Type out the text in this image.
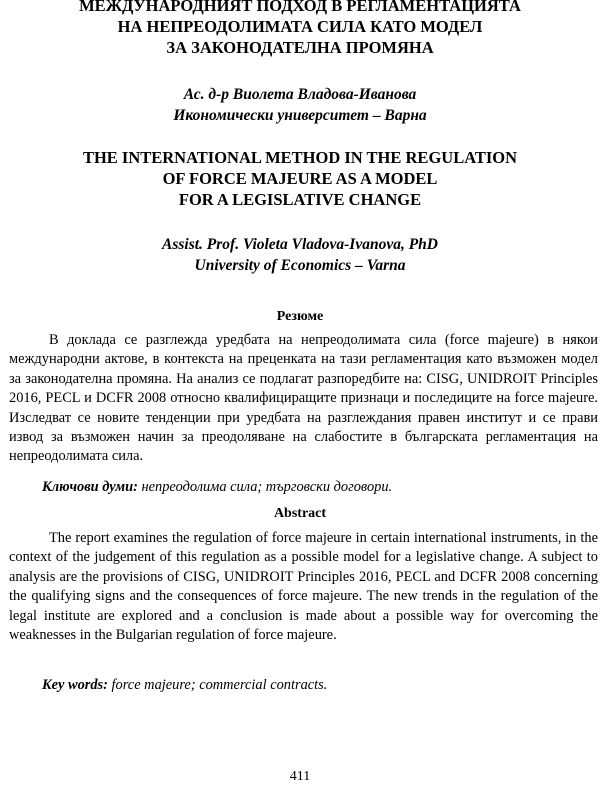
МЕЖДУНАРОДНИЯТ ПОДХОД В РЕГЛАМЕНТАЦИЯТА
НА НЕПРЕОДОЛИМАТА СИЛА КАТО МОДЕЛ
ЗА ЗАКОНОДАТЕЛНА ПРОМЯНА
Ас. д-р Виолета Владова-Иванова
Икономически университет – Варна
THE INTERNATIONAL METHOD IN THE REGULATION
OF FORCE MAJEURE AS A MODEL
FOR A LEGISLATIVE CHANGE
Assist. Prof. Violeta Vladova-Ivanova, PhD
University of Economics – Varna
Резюме

В доклада се разглежда уредбата на непреодолимата сила (force majeure) в някои международни актове, в контекста на преценката на тази регламентация като възможен модел за законодателна промяна. На анализ се подлагат разпоредбите на: CISG, UNIDROIT Principles 2016, PECL и DCFR 2008 относно квалифициращите признаци и последиците на force majeure. Изследват се новите тенденции при уредбата на разглеждания правен институт и се прави извод за възможен начин за преодоляване на слабостите в българската регламентация на непреодолимата сила.

Ключови думи: непреодолима сила; търговски договори.

Abstract

The report examines the regulation of force majeure in certain international instruments, in the context of the judgement of this regulation as a possible model for a legislative change. A subject to analysis are the provisions of CISG, UNIDROIT Principles 2016, PECL and DCFR 2008 concerning the qualifying signs and the consequences of force majeure. The new trends in the regulation of the legal institute are explored and a conclusion is made about a possible way for overcoming the weaknesses in the Bulgarian regulation of force majeure.

Key words: force majeure; commercial contracts.

411
